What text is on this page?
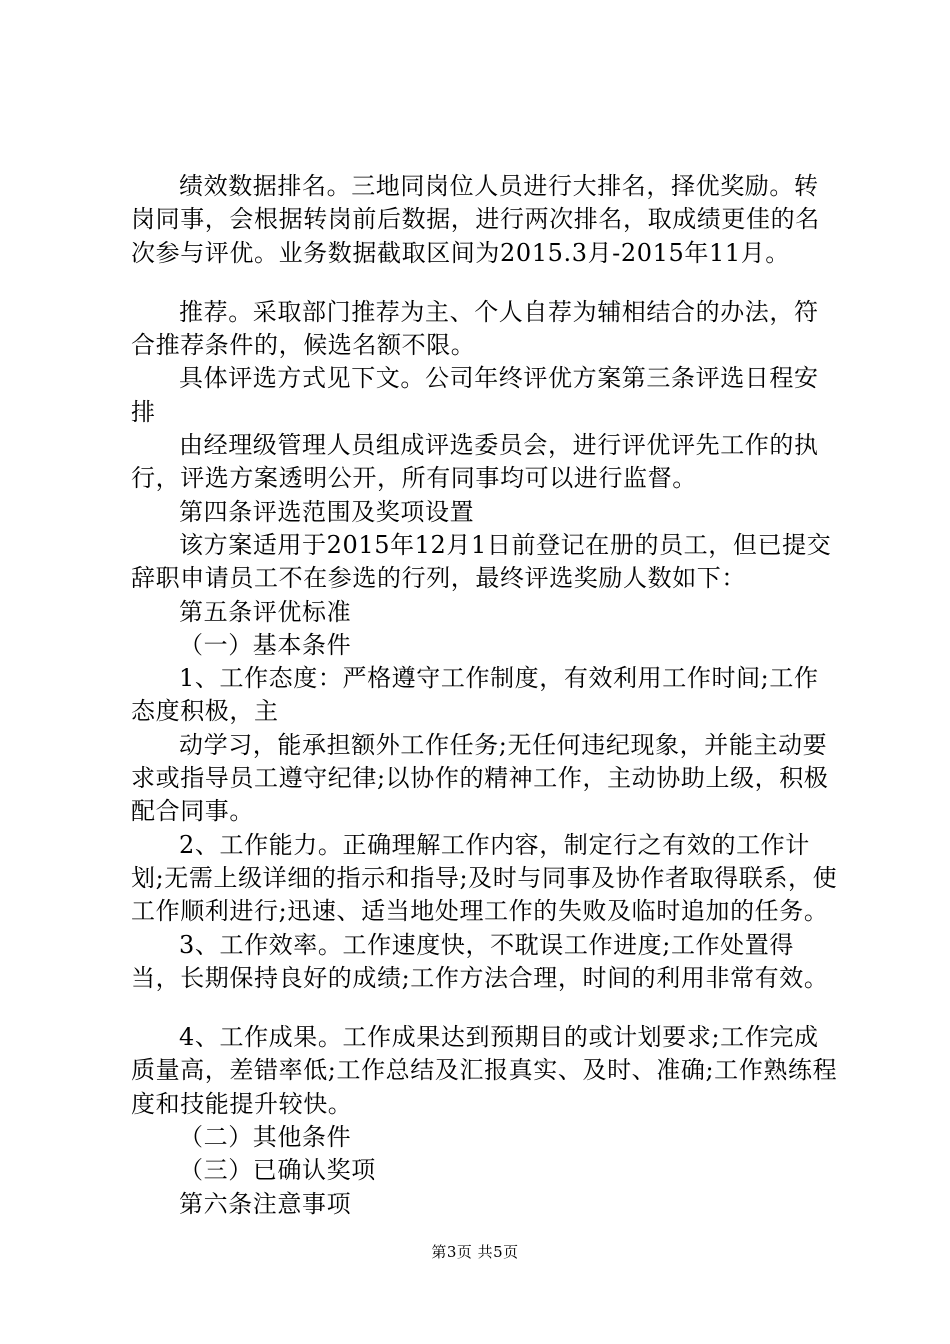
绩效数据排名。三地同岗位人员进行大排名，择优奖励。转岗同事，会根据转岗前后数据，进行两次排名，取成绩更佳的名次参与评优。业务数据截取区间为2015.3月-2015年11月。

推荐。采取部门推荐为主、个人自荐为辅相结合的办法，符合推荐条件的，候选名额不限。

具体评选方式见下文。公司年终评优方案第三条评选日程安排

由经理级管理人员组成评选委员会，进行评优评先工作的执行，评选方案透明公开，所有同事均可以进行监督。

第四条评选范围及奖项设置

该方案适用于2015年12月1日前登记在册的员工，但已提交辞职申请员工不在参选的行列，最终评选奖励人数如下：

第五条评优标准

（一）基本条件

1、工作态度：严格遵守工作制度，有效利用工作时间;工作态度积极，主

动学习，能承担额外工作任务;无任何违纪现象，并能主动要求或指导员工遵守纪律;以协作的精神工作，主动协助上级，积极配合同事。

2、工作能力。正确理解工作内容，制定行之有效的工作计划;无需上级详细的指示和指导;及时与同事及协作者取得联系，使工作顺利进行;迅速、适当地处理工作的失败及临时追加的任务。

3、工作效率。工作速度快，不耽误工作进度;工作处置得当，长期保持良好的成绩;工作方法合理，时间的利用非常有效。

4、工作成果。工作成果达到预期目的或计划要求;工作完成质量高，差错率低;工作总结及汇报真实、及时、准确;工作熟练程度和技能提升较快。

（二）其他条件

（三）已确认奖项

第六条注意事项

第3页 共5页
